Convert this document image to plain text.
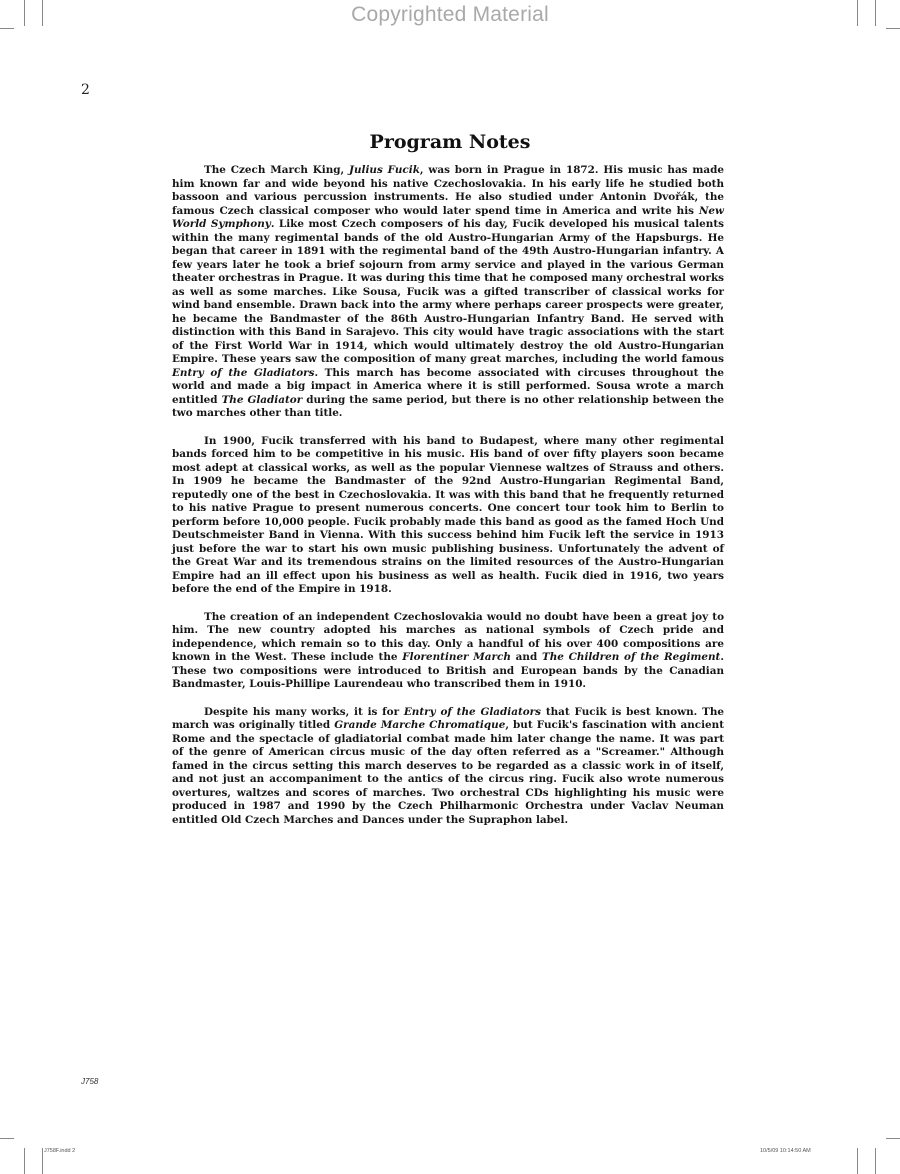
Copyrighted Material
2
Program Notes

The Czech March King, Julius Fucik, was born in Prague in 1872. His music has made him known far and wide beyond his native Czechoslovakia. In his early life he studied both bassoon and various percussion instruments. He also studied under Antonin Dvořák, the famous Czech classical composer who would later spend time in America and write his New World Symphony. Like most Czech composers of his day, Fucik developed his musical talents within the many regimental bands of the old Austro-Hungarian Army of the Hapsburgs. He began that career in 1891 with the regimental band of the 49th Austro-Hungarian infantry. A few years later he took a brief sojourn from army service and played in the various German theater orchestras in Prague. It was during this time that he composed many orchestral works as well as some marches. Like Sousa, Fucik was a gifted transcriber of classical works for wind band ensemble. Drawn back into the army where perhaps career prospects were greater, he became the Bandmaster of the 86th Austro-Hungarian Infantry Band. He served with distinction with this Band in Sarajevo. This city would have tragic associations with the start of the First World War in 1914, which would ultimately destroy the old Austro-Hungarian Empire. These years saw the composition of many great marches, including the world famous Entry of the Gladiators. This march has become associated with circuses throughout the world and made a big impact in America where it is still performed. Sousa wrote a march entitled The Gladiator during the same period, but there is no other relationship between the two marches other than title.

In 1900, Fucik transferred with his band to Budapest, where many other regimental bands forced him to be competitive in his music. His band of over fifty players soon became most adept at classical works, as well as the popular Viennese waltzes of Strauss and others. In 1909 he became the Bandmaster of the 92nd Austro-Hungarian Regimental Band, reputedly one of the best in Czechoslovakia. It was with this band that he frequently returned to his native Prague to present numerous concerts. One concert tour took him to Berlin to perform before 10,000 people. Fucik probably made this band as good as the famed Hoch Und Deutschmeister Band in Vienna. With this success behind him Fucik left the service in 1913 just before the war to start his own music publishing business. Unfortunately the advent of the Great War and its tremendous strains on the limited resources of the Austro-Hungarian Empire had an ill effect upon his business as well as health. Fucik died in 1916, two years before the end of the Empire in 1918.

The creation of an independent Czechoslovakia would no doubt have been a great joy to him. The new country adopted his marches as national symbols of Czech pride and independence, which remain so to this day. Only a handful of his over 400 compositions are known in the West. These include the Florentiner March and The Children of the Regiment. These two compositions were introduced to British and European bands by the Canadian Bandmaster, Louis-Phillipe Laurendeau who transcribed them in 1910.

Despite his many works, it is for Entry of the Gladiators that Fucik is best known. The march was originally titled Grande Marche Chromatique, but Fucik's fascination with ancient Rome and the spectacle of gladiatorial combat made him later change the name. It was part of the genre of American circus music of the day often referred as a "Screamer." Although famed in the circus setting this march deserves to be regarded as a classic work in of itself, and not just an accompaniment to the antics of the circus ring. Fucik also wrote numerous overtures, waltzes and scores of marches. Two orchestral CDs highlighting his music were produced in 1987 and 1990 by the Czech Philharmonic Orchestra under Vaclav Neuman entitled Old Czech Marches and Dances under the Supraphon label.

J758
J758F.indd 2	10/5/09 10:14:50 AM
